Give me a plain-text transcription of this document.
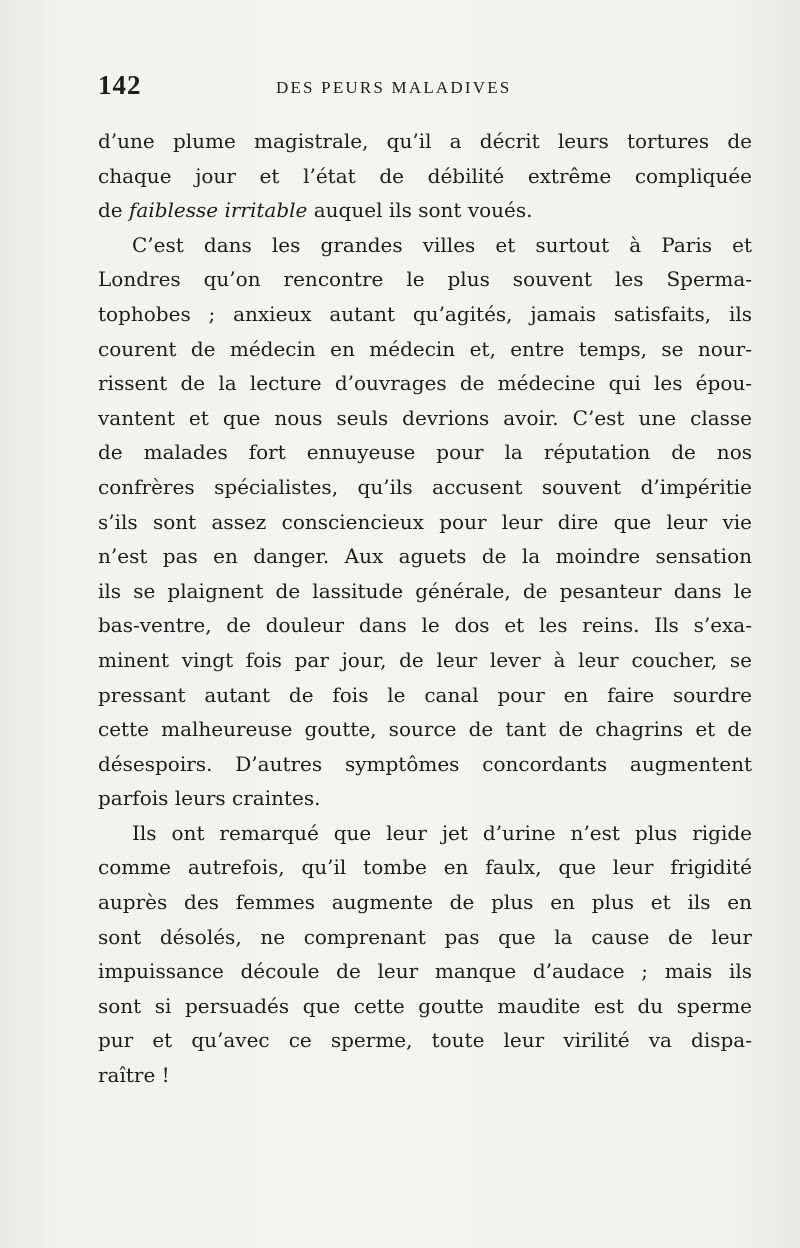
142	DES PEURS MALADIVES
d’une plume magistrale, qu’il a décrit leurs tortures de
chaque jour et l’état de débilité extrême compliquée
de faiblesse irritable auquel ils sont voués.
C’est dans les grandes villes et surtout à Paris et
Londres qu’on rencontre le plus souvent les Sperma-
tophobes ; anxieux autant qu’agités, jamais satisfaits, ils
courent de médecin en médecin et, entre temps, se nour-
rissent de la lecture d’ouvrages de médecine qui les épou-
vantent et que nous seuls devrions avoir. C’est une classe
de malades fort ennuyeuse pour la réputation de nos
confrères spécialistes, qu’ils accusent souvent d’impéritie
s’ils sont assez consciencieux pour leur dire que leur vie
n’est pas en danger. Aux aguets de la moindre sensation
ils se plaignent de lassitude générale, de pesanteur dans le
bas-ventre, de douleur dans le dos et les reins. Ils s’exa-
minent vingt fois par jour, de leur lever à leur coucher, se
pressant autant de fois le canal pour en faire sourdre
cette malheureuse goutte, source de tant de chagrins et de
désespoirs. D’autres symptômes concordants augmentent
parfois leurs craintes.
Ils ont remarqué que leur jet d’urine n’est plus rigide
comme autrefois, qu’il tombe en faulx, que leur frigidité
auprès des femmes augmente de plus en plus et ils en
sont désolés, ne comprenant pas que la cause de leur
impuissance découle de leur manque d’audace ; mais ils
sont si persuadés que cette goutte maudite est du sperme
pur et qu’avec ce sperme, toute leur virilité va dispa-
raître !
